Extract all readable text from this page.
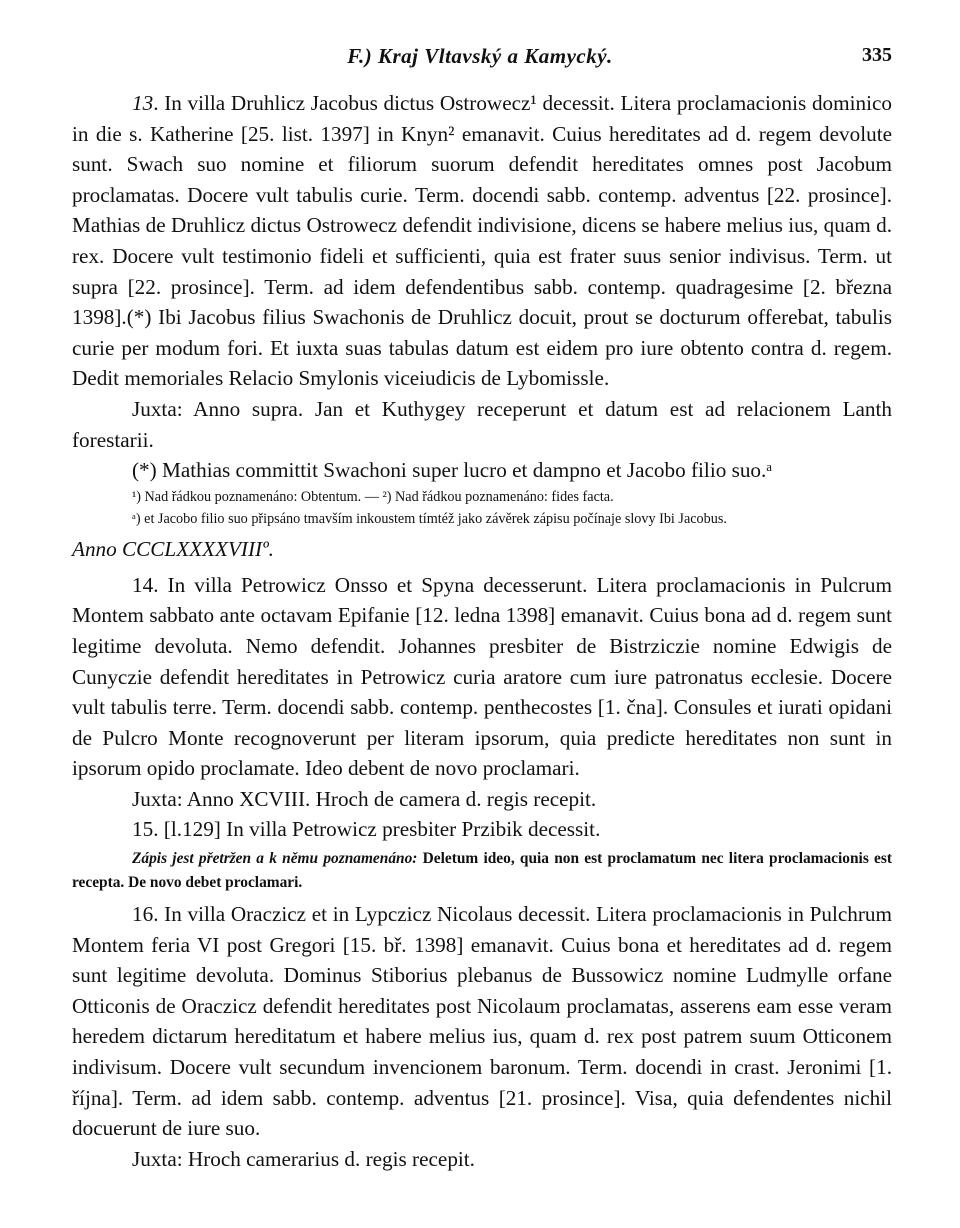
F.) Kraj Vltavský a Kamycký.	335

13. In villa Druhlicz Jacobus dictus Ostrowecz¹ decessit. Litera proclamacionis dominico in die s. Katherine [25. list. 1397] in Knyn² emanavit. Cuius hereditates ad d. regem devolute sunt. Swach suo nomine et filiorum suorum defendit hereditates omnes post Jacobum proclamatas. Docere vult tabulis curie. Term. docendi sabb. contemp. adventus [22. prosince]. Mathias de Druhlicz dictus Ostrowecz defendit indivisione, dicens se habere melius ius, quam d. rex. Docere vult testimonio fideli et sufficienti, quia est frater suus senior indivisus. Term. ut supra [22. prosince]. Term. ad idem defendentibus sabb. contemp. quadragesime [2. března 1398].(*) Ibi Jacobus filius Swachonis de Druhlicz docuit, prout se docturum offerebat, tabulis curie per modum fori. Et iuxta suas tabulas datum est eidem pro iure obtento contra d. regem. Dedit memoriales Relacio Smylonis viceiudicis de Lybomissle.

Juxta: Anno supra. Jan et Kuthygey receperunt et datum est ad relacionem Lanth forestarii.

(*) Mathias committit Swachoni super lucro et dampno et Jacobo filio suo.ᵃ

¹) Nad řádkou poznamenáno: Obtentum. — ²) Nad řádkou poznamenáno: fides facta.

ᵃ) et Jacobo filio suo připsáno tmavším inkoustem tímtéž jako závěrek zápisu počínaje slovy Ibi Jacobus.

Anno CCCLXXXXVIIIº.

14. In villa Petrowicz Onsso et Spyna decesserunt. Litera proclamacionis in Pulcrum Montem sabbato ante octavam Epifanie [12. ledna 1398] emanavit. Cuius bona ad d. regem sunt legitime devoluta. Nemo defendit. Johannes presbiter de Bistrziczie nomine Edwigis de Cunyczie defendit hereditates in Petrowicz curia aratore cum iure patronatus ecclesie. Docere vult tabulis terre. Term. docendi sabb. contemp. penthecostes [1. čna]. Consules et iurati opidani de Pulcro Monte recognoverunt per literam ipsorum, quia predicte hereditates non sunt in ipsorum opido proclamate. Ideo debent de novo proclamari.

Juxta: Anno XCVIII. Hroch de camera d. regis recepit.

15. [l.129] In villa Petrowicz presbiter Przibik decessit.

Zápis jest přetržen a k němu poznamenáno: Deletum ideo, quia non est proclamatum nec litera proclamacionis est recepta. De novo debet proclamari.

16. In villa Oraczicz et in Lypczicz Nicolaus decessit. Litera proclamacionis in Pulchrum Montem feria VI post Gregori [15. bř. 1398] emanavit. Cuius bona et hereditates ad d. regem sunt legitime devoluta. Dominus Stiborius plebanus de Bussowicz nomine Ludmylle orfane Otticonis de Oraczicz defendit hereditates post Nicolaum proclamatas, asserens eam esse veram heredem dictarum hereditatum et habere melius ius, quam d. rex post patrem suum Otticonem indivisum. Docere vult secundum invencionem baronum. Term. docendi in crast. Jeronimi [1. října]. Term. ad idem sabb. contemp. adventus [21. prosince]. Visa, quia defendentes nichil docuerunt de iure suo.

Juxta: Hroch camerarius d. regis recepit.
